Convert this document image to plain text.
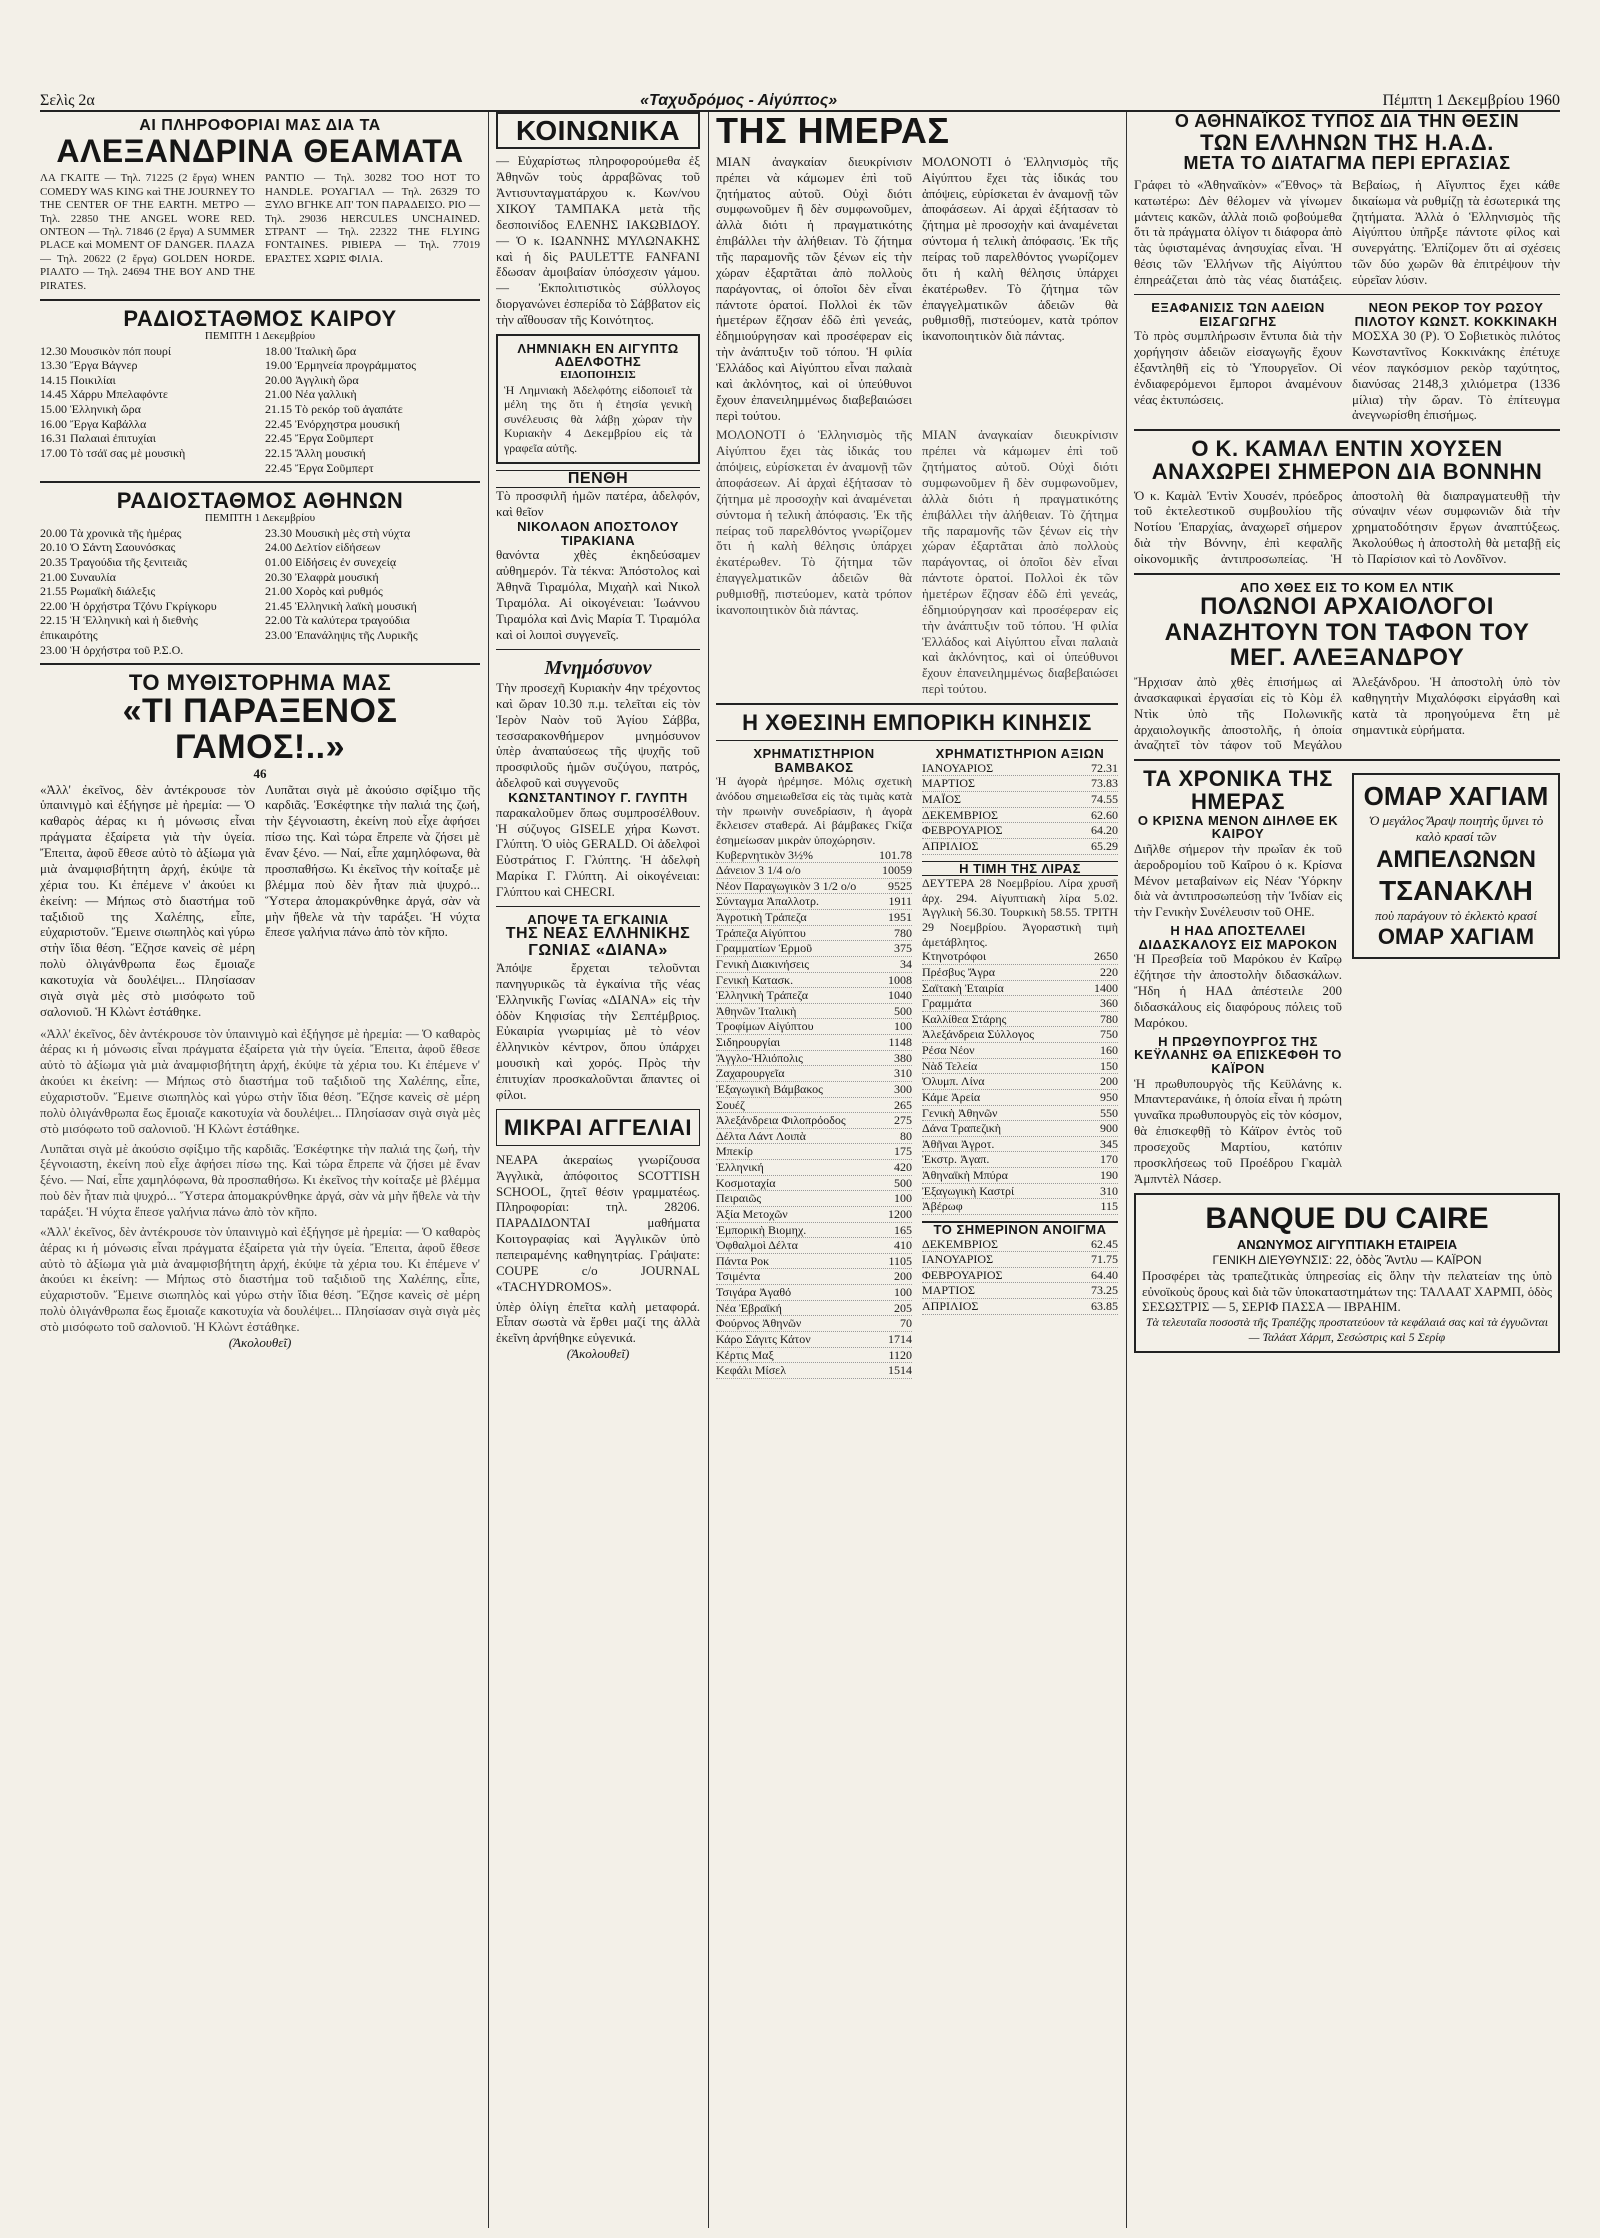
Σελὶς 2α	«Ταχυδρόμος - Αἰγύπτος»	Πέμπτη 1 Δεκεμβρίου 1960
ΑΙ ΠΛΗΡΟΦΟΡΙΑΙ ΜΑΣ ΔΙΑ ΤΑ
ΑΛΕΞΑΝΔΡΙΝΑ ΘΕΑΜΑΤΑ
ΛΑ ΓΚΑΙΤΕ — Τηλ. 71225 (2 ἔργα) WHEN COMEDY WAS KING καὶ THE JOURNEY TO THE CENTER OF THE EARTH. ΜΕΤΡΟ — Τηλ. 22850 THE ANGEL WORE RED. ΟΝΤΕΟΝ — Τηλ. 71846 (2 ἔργα) A SUMMER PLACE καὶ MOMENT OF DANGER. ΠΛΑΖΑ — Τηλ. 20622 (2 ἔργα) GOLDEN HORDE. ΡΙΑΛΤΟ — Τηλ. 24694 THE BOY AND THE PIRATES.
ΡΑΝΤΙΟ — Τηλ. 30282 TOO HOT TO HANDLE. ΡΟΥΑΓΙΑΛ — Τηλ. 26329 ΤΟ ΞΥΛΟ ΒΓΗΚΕ ΑΠ' ΤΟΝ ΠΑΡΑΔΕΙΣΟ. ΡΙΟ — Τηλ. 29036 HERCULES UNCHAINED. ΣΤΡΑΝΤ — Τηλ. 22322 THE FLYING FONTAINES. ΡΙΒΙΕΡΑ — Τηλ. 77019 ΕΡΑΣΤΕΣ ΧΩΡΙΣ ΦΙΛΙΑ.
ΡΑΔΙΟΣΤΑΘΜΟΣ ΚΑΙΡΟΥ
ΠΕΜΠΤΗ 1 Δεκεμβρίου
12.30 Μουσικὸν πόπ πουρί
13.30 Ἔργα Βάγνερ
14.15 Ποικιλίαι
14.45 Χάρρυ Μπελαφόντε
15.00 Ἑλληνικὴ ὥρα
16.00 Ἔργα Καβάλλα
16.31 Παλαιαὶ ἐπιτυχίαι
17.00 Τὸ τσάϊ σας μὲ μουσικὴ
18.00 Ἰταλικὴ ὥρα
19.00 Ἑρμηνεία προγράμματος
20.00 Ἀγγλικὴ ὥρα
21.00 Νέα γαλλικὴ
21.15 Τὸ ρεκόρ τοῦ ἀγαπάτε
22.45 Ἐνόρχηστρα μουσική
22.45 Ἔργα Σοῦμπερτ
22.15 Ἄλλη μουσική
22.45 Ἔργα Σοῦμπερτ
ΡΑΔΙΟΣΤΑΘΜΟΣ ΑΘΗΝΩΝ
ΠΕΜΠΤΗ 1 Δεκεμβρίου
20.00 Τὰ χρονικὰ τῆς ἡμέρας
20.10 Ὁ Σάντη Σαουνόσκας
20.35 Τραγούδια τῆς ξενιτειᾶς
21.00 Συναυλία
21.55 Ρωμαϊκὴ διάλεξις
22.00 Ἡ ὀρχήστρα Τζόνυ Γκρίγκορυ
22.15 Ἡ Ἑλληνικὴ καὶ ἡ διεθνὴς ἐπικαιρότης
23.00 Ἡ ὀρχήστρα τοῦ Ρ.Σ.Ο.
23.30 Μουσικὴ μὲς στὴ νύχτα
24.00 Δελτίον εἰδήσεων
01.00 Εἰδήσεις ἐν συνεχείᾳ
20.30 Ἐλαφρὰ μουσική
21.00 Χορὸς καὶ ρυθμός
21.45 Ἑλληνικὴ λαϊκὴ μουσική
22.00 Τὰ καλύτερα τραγούδια
23.00 Ἐπανάληψις τῆς Λυρικῆς
ΤΟ ΜΥΘΙΣΤΟΡΗΜΑ ΜΑΣ
«ΤΙ ΠΑΡΑΞΕΝΟΣ ΓΑΜΟΣ!..»
46
«Ἀλλ' ἐκεῖνος, δὲν ἀντέκρουσε τὸν ὑπαινιγμὸ καὶ ἐξήγησε μὲ ἠρεμία: — Ὁ καθαρὸς ἀέρας κι ἡ μόνωσις εἶναι πράγματα ἐξαίρετα γιὰ τὴν ὑγεία. Ἔπειτα, ἀφοῦ ἔθεσε αὐτὸ τὸ ἀξίωμα γιὰ μιὰ ἀναμφισβήτητη ἀρχή, ἐκύψε τὰ χέρια του. Κι ἐπέμενε ν' ἀκούει κι ἐκείνη: — Μήπως στὸ διαστήμα τοῦ ταξιδιοῦ της Χαλέπης, εἶπε, εὐχαριστοῦν. Ἔμεινε σιωπηλὸς καὶ γύρω στὴν ἴδια θέση. Ἔζησε κανεὶς σὲ μέρη πολὺ ὀλιγάνθρωπα ἔως ἔμοιαζε κακοτυχία νὰ δουλέψει... Πλησίασαν σιγὰ σιγὰ μὲς στὸ μισόφωτο τοῦ σαλονιοῦ. Ἡ Κλὼντ ἐστάθηκε.
Λυπᾶται σιγὰ μὲ ἀκούσιο σφίξιμο τῆς καρδιᾶς. Ἐσκέφτηκε τὴν παλιά της ζωή, τὴν ξέγνοιαστη, ἐκείνη ποὺ εἶχε ἀφήσει πίσω της. Καὶ τώρα ἔπρεπε νὰ ζήσει μὲ ἕναν ξένο. — Ναί, εἶπε χαμηλόφωνα, θὰ προσπαθήσω. Κι ἐκεῖνος τὴν κοίταξε μὲ βλέμμα ποὺ δὲν ἦταν πιὰ ψυχρό... Ὕστερα ἀπομακρύνθηκε ἀργά, σὰν νὰ μὴν ἤθελε νὰ τὴν ταράξει. Ἡ νύχτα ἔπεσε γαλήνια πάνω ἀπὸ τὸν κῆπο.
«Ἀλλ' ἐκεῖνος, δὲν ἀντέκρουσε τὸν ὑπαινιγμὸ καὶ ἐξήγησε μὲ ἠρεμία: — Ὁ καθαρὸς ἀέρας κι ἡ μόνωσις εἶναι πράγματα ἐξαίρετα γιὰ τὴν ὑγεία. Ἔπειτα, ἀφοῦ ἔθεσε αὐτὸ τὸ ἀξίωμα γιὰ μιὰ ἀναμφισβήτητη ἀρχή, ἐκύψε τὰ χέρια του. Κι ἐπέμενε ν' ἀκούει κι ἐκείνη: — Μήπως στὸ διαστήμα τοῦ ταξιδιοῦ της Χαλέπης, εἶπε, εὐχαριστοῦν. Ἔμεινε σιωπηλὸς καὶ γύρω στὴν ἴδια θέση. Ἔζησε κανεὶς σὲ μέρη πολὺ ὀλιγάνθρωπα ἔως ἔμοιαζε κακοτυχία νὰ δουλέψει... Πλησίασαν σιγὰ σιγὰ μὲς στὸ μισόφωτο τοῦ σαλονιοῦ. Ἡ Κλὼντ ἐστάθηκε.
Λυπᾶται σιγὰ μὲ ἀκούσιο σφίξιμο τῆς καρδιᾶς. Ἐσκέφτηκε τὴν παλιά της ζωή, τὴν ξέγνοιαστη, ἐκείνη ποὺ εἶχε ἀφήσει πίσω της. Καὶ τώρα ἔπρεπε νὰ ζήσει μὲ ἕναν ξένο. — Ναί, εἶπε χαμηλόφωνα, θὰ προσπαθήσω. Κι ἐκεῖνος τὴν κοίταξε μὲ βλέμμα ποὺ δὲν ἦταν πιὰ ψυχρό... Ὕστερα ἀπομακρύνθηκε ἀργά, σὰν νὰ μὴν ἤθελε νὰ τὴν ταράξει. Ἡ νύχτα ἔπεσε γαλήνια πάνω ἀπὸ τὸν κῆπο.
«Ἀλλ' ἐκεῖνος, δὲν ἀντέκρουσε τὸν ὑπαινιγμὸ καὶ ἐξήγησε μὲ ἠρεμία: — Ὁ καθαρὸς ἀέρας κι ἡ μόνωσις εἶναι πράγματα ἐξαίρετα γιὰ τὴν ὑγεία. Ἔπειτα, ἀφοῦ ἔθεσε αὐτὸ τὸ ἀξίωμα γιὰ μιὰ ἀναμφισβήτητη ἀρχή, ἐκύψε τὰ χέρια του. Κι ἐπέμενε ν' ἀκούει κι ἐκείνη: — Μήπως στὸ διαστήμα τοῦ ταξιδιοῦ της Χαλέπης, εἶπε, εὐχαριστοῦν. Ἔμεινε σιωπηλὸς καὶ γύρω στὴν ἴδια θέση. Ἔζησε κανεὶς σὲ μέρη πολὺ ὀλιγάνθρωπα ἔως ἔμοιαζε κακοτυχία νὰ δουλέψει... Πλησίασαν σιγὰ σιγὰ μὲς στὸ μισόφωτο τοῦ σαλονιοῦ. Ἡ Κλὼντ ἐστάθηκε.
(Ἀκολουθεῖ)
ΚΟΙΝΩΝΙΚΑ
— Εὐχαρίστως πληροφορούμεθα ἐξ Ἀθηνῶν τοὺς ἀρραβῶνας τοῦ Ἀντισυνταγματάρχου κ. Κων/νου ΧΙΚΟΥ ΤΑΜΠΑΚΑ μετὰ τῆς δεσποινίδος ΕΛΕΝΗΣ ΙΑΚΩΒΙΔΟΥ. — Ὁ κ. ΙΩΑΝΝΗΣ ΜΥΛΩΝΑΚΗΣ καὶ ἡ δὶς PAULETTE FANFANI ἔδωσαν ἀμοιβαίαν ὑπόσχεσιν γάμου. — Ἐκπολιτιστικὸς σύλλογος διοργανώνει ἐσπερίδα τὸ Σάββατον εἰς τὴν αἴθουσαν τῆς Κοινότητος.
ΛΗΜΝΙΑΚΗ ΕΝ ΑΙΓΥΠΤΩ ΑΔΕΛΦΟΤΗΣ
ΕΙΔΟΠΟΙΗΣΙΣ
Ἡ Λημνιακὴ Ἀδελφότης εἰδοποιεῖ τὰ μέλη της ὅτι ἡ ἐτησία γενικὴ συνέλευσις θὰ λάβῃ χώραν τὴν Κυριακὴν 4 Δεκεμβρίου εἰς τὰ γραφεῖα αὐτῆς.
ΠΕΝΘΗ
Τὸ προσφιλῆ ἡμῶν πατέρα, ἀδελφόν, καὶ θεῖον
ΝΙΚΟΛΑΟΝ ΑΠΟΣΤΟΛΟΥ ΤΙΡΑΚΙΑΝΑ
θανόντα χθὲς ἐκηδεύσαμεν αὐθημερόν. Τὰ τέκνα: Ἀπόστολος καὶ Ἀθηνᾶ Τιραμόλα, Μιχαὴλ καὶ Νικολ Τιραμόλα. Αἱ οἰκογένειαι: Ἰωάννου Τιραμόλα καὶ Δνὶς Μαρία Τ. Τιραμόλα καὶ οἱ λοιποὶ συγγενεῖς.
Μνημόσυνον
Τὴν προσεχῆ Κυριακὴν 4ην τρέχοντος καὶ ὥραν 10.30 π.μ. τελεῖται εἰς τὸν Ἱερὸν Ναὸν τοῦ Ἁγίου Σάββα, τεσσαρακονθήμερον μνημόσυνον ὑπὲρ ἀναπαύσεως τῆς ψυχῆς τοῦ προσφιλοῦς ἡμῶν συζύγου, πατρός, ἀδελφοῦ καὶ συγγενοῦς
ΚΩΝΣΤΑΝΤΙΝΟΥ Γ. ΓΛΥΠΤΗ
παρακαλοῦμεν ὅπως συμπροσέλθουν. Ἡ σύζυγος GISELE χήρα Κωνστ. Γλύπτη. Ὁ υἱὸς GERALD. Οἱ ἀδελφοὶ Εὐστράτιος Γ. Γλύπτης. Ἡ ἀδελφὴ Μαρίκα Γ. Γλύπτη. Αἱ οἰκογένειαι: Γλύπτου καὶ CHECRI.
ΑΠΟΨΕ ΤΑ ΕΓΚΑΙΝΙΑ
ΤΗΣ ΝΕΑΣ ΕΛΛΗΝΙΚΗΣ ΓΩΝΙΑΣ «ΔΙΑΝΑ»
Ἀπόψε ἔρχεται τελοῦνται πανηγυρικῶς τὰ ἐγκαίνια τῆς νέας Ἑλληνικῆς Γωνίας «ΔΙΑΝΑ» εἰς τὴν ὁδὸν Κηφισίας τὴν Σεπτέμβριος. Εὐκαιρία γνωριμίας μὲ τὸ νέον ἑλληνικὸν κέντρον, ὅπου ὑπάρχει μουσικὴ καὶ χορός. Πρὸς τὴν ἐπιτυχίαν προσκαλοῦνται ἅπαντες οἱ φίλοι.
ΜΙΚΡΑΙ ΑΓΓΕΛΙΑΙ
ΝΕΑΡΑ ἀκεραίως γνωρίζουσα Ἀγγλικὰ, ἀπόφοιτος SCOTTISH SCHOOL, ζητεῖ θέσιν γραμματέως. Πληροφορίαι: τηλ. 28206. ΠΑΡΑΔΙΔΟΝΤΑΙ μαθήματα Κοιτογραφίας καὶ Ἀγγλικῶν ὑπὸ πεπειραμένης καθηγητρίας. Γράψατε: COUPE c/o JOURNAL «TACHYDROMOS».
ὑπὲρ ὀλίγη ἐπεῖτα καλὴ μεταφορά. Εἶπαν σωστὰ νὰ ἔρθει μαζί της ἀλλὰ ἐκεῖνη ἀρνήθηκε εὐγενικά.
(Ἀκολουθεῖ)
ΤΗΣ ΗΜΕΡΑΣ
ΜΙΑΝ ἀναγκαίαν διευκρίνισιν πρέπει νὰ κάμωμεν ἐπὶ τοῦ ζητήματος αὐτοῦ. Οὐχὶ διότι συμφωνοῦμεν ἢ δὲν συμφωνοῦμεν, ἀλλὰ διότι ἡ πραγματικότης ἐπιβάλλει τὴν ἀλήθειαν. Τὸ ζήτημα τῆς παραμονῆς τῶν ξένων εἰς τὴν χώραν ἐξαρτᾶται ἀπὸ πολλοὺς παράγοντας, οἱ ὁποῖοι δὲν εἶναι πάντοτε ὁρατοί. Πολλοὶ ἐκ τῶν ἡμετέρων ἔζησαν ἐδῶ ἐπὶ γενεάς, ἐδημιούργησαν καὶ προσέφεραν εἰς τὴν ἀνάπτυξιν τοῦ τόπου. Ἡ φιλία Ἑλλάδος καὶ Αἰγύπτου εἶναι παλαιὰ καὶ ἀκλόνητος, καὶ οἱ ὑπεύθυνοι ἔχουν ἐπανειλημμένως διαβεβαιώσει περὶ τούτου.
ΜΟΛΟΝΟΤΙ ὁ Ἑλληνισμὸς τῆς Αἰγύπτου ἔχει τὰς ἰδικάς του ἀπόψεις, εὑρίσκεται ἐν ἀναμονῇ τῶν ἀποφάσεων. Αἱ ἀρχαὶ ἐξήτασαν τὸ ζήτημα μὲ προσοχὴν καὶ ἀναμένεται σύντομα ἡ τελικὴ ἀπόφασις. Ἐκ τῆς πείρας τοῦ παρελθόντος γνωρίζομεν ὅτι ἡ καλὴ θέλησις ὑπάρχει ἐκατέρωθεν. Τὸ ζήτημα τῶν ἐπαγγελματικῶν ἀδειῶν θὰ ρυθμισθῇ, πιστεύομεν, κατὰ τρόπον ἱκανοποιητικὸν διὰ πάντας.
ΜΟΛΟΝΟΤΙ ὁ Ἑλληνισμὸς τῆς Αἰγύπτου ἔχει τὰς ἰδικάς του ἀπόψεις, εὑρίσκεται ἐν ἀναμονῇ τῶν ἀποφάσεων. Αἱ ἀρχαὶ ἐξήτασαν τὸ ζήτημα μὲ προσοχὴν καὶ ἀναμένεται σύντομα ἡ τελικὴ ἀπόφασις. Ἐκ τῆς πείρας τοῦ παρελθόντος γνωρίζομεν ὅτι ἡ καλὴ θέλησις ὑπάρχει ἐκατέρωθεν. Τὸ ζήτημα τῶν ἐπαγγελματικῶν ἀδειῶν θὰ ρυθμισθῇ, πιστεύομεν, κατὰ τρόπον ἱκανοποιητικὸν διὰ πάντας.
ΜΙΑΝ ἀναγκαίαν διευκρίνισιν πρέπει νὰ κάμωμεν ἐπὶ τοῦ ζητήματος αὐτοῦ. Οὐχὶ διότι συμφωνοῦμεν ἢ δὲν συμφωνοῦμεν, ἀλλὰ διότι ἡ πραγματικότης ἐπιβάλλει τὴν ἀλήθειαν. Τὸ ζήτημα τῆς παραμονῆς τῶν ξένων εἰς τὴν χώραν ἐξαρτᾶται ἀπὸ πολλοὺς παράγοντας, οἱ ὁποῖοι δὲν εἶναι πάντοτε ὁρατοί. Πολλοὶ ἐκ τῶν ἡμετέρων ἔζησαν ἐδῶ ἐπὶ γενεάς, ἐδημιούργησαν καὶ προσέφεραν εἰς τὴν ἀνάπτυξιν τοῦ τόπου. Ἡ φιλία Ἑλλάδος καὶ Αἰγύπτου εἶναι παλαιὰ καὶ ἀκλόνητος, καὶ οἱ ὑπεύθυνοι ἔχουν ἐπανειλημμένως διαβεβαιώσει περὶ τούτου.
Η ΧΘΕΣΙΝΗ ΕΜΠΟΡΙΚΗ ΚΙΝΗΣΙΣ
ΧΡΗΜΑΤΙΣΤΗΡΙΟΝ ΒΑΜΒΑΚΟΣ
Ἡ ἀγορὰ ἠρέμησε. Μόλις σχετικὴ ἀνόδου σημειωθεῖσα εἰς τὰς τιμὰς κατὰ τὴν πρωινὴν συνεδρίασιν, ἡ ἀγορὰ ἔκλεισεν σταθερά. Αἱ βάμβακες Γκίζα ἐσημείωσαν μικρὰν ὑποχώρησιν.
Κυβερνητικὸν 3½%	101.78
Δάνειον 3 1/4 ο/ο	10059
Νέον Παραγωγικὸν 3 1/2 ο/ο	9525
Σύνταγμα Ἀπαλλοτρ.	1911
Ἀγροτικὴ Τράπεζα	1951
Τράπεζα Αἰγύπτου	780
Γραμματίων Ἑρμοῦ	375
Γενικὴ Διακινήσεις	34
Γενικὴ Κατασκ.	1008
Ἑλληνικὴ Τράπεζα	1040
Ἀθηνῶν Ἰταλικὴ	500
Τροφίμων Αἰγύπτου	100
Σιδηρουργίαι	1148
Ἄγγλο-Ἡλιόπολις	380
Ζαχαρουργεῖα	310
Ἐξαγωγικὴ Βάμβακος	300
Σουέζ	265
Ἀλεξάνδρεια Φιλοπρόοδος	275
Δέλτα Λάντ Λοιπὰ	80
Μπεκίρ	175
Ἑλληνική	420
Κοσμοταχία	500
Πειραιῶς	100
Ἀξία Μετοχῶν	1200
Ἑμπορικὴ Βιομηχ.	165
Ὀφθαλμοὶ Δέλτα	410
Πάντα Ροκ	1105
Τσιμέντα	200
Τσιγάρα Ἀγαθό	100
Νέα Ἐβραϊκή	205
Φούρνος Ἀθηνῶν	70
Κάρο Σάγιτς Κάτον	1714
Κέρτις Μαξ	1120
Κεφάλι Μίσελ	1514
ΧΡΗΜΑΤΙΣΤΗΡΙΟΝ ΑΞΙΩΝ
ΙΑΝΟΥΑΡΙΟΣ	72.31
ΜΑΡΤΙΟΣ	73.83
ΜΑΪΟΣ	74.55
ΔΕΚΕΜΒΡΙΟΣ	62.60
ΦΕΒΡΟΥΑΡΙΟΣ	64.20
ΑΠΡΙΛΙΟΣ	65.29
Η ΤΙΜΗ ΤΗΣ ΛΙΡΑΣ
ΔΕΥΤΕΡΑ 28 Νοεμβρίου. Λίρα χρυσῆ ἀρχ. 294. Αἰγυπτιακὴ λίρα 5.02. Ἀγγλικὴ 56.30. Τουρκικὴ 58.55. ΤΡΙΤΗ 29 Νοεμβρίου. Ἀγοραστικὴ τιμὴ ἀμετάβλητος.
Κτηνοτρόφοι	2650
Πρέσβυς Ἄγρα	220
Σαϊτακὴ Ἐταιρία	1400
Γραμμάτα	360
Καλλίθεα Στάρης	780
Ἀλεξάνδρεια Σύλλογος	750
Ρέσα Νέον	160
Νὰδ Τελεία	150
Ὀλυμπ. Λίνα	200
Κάμε Ἀρεία	950
Γενικὴ Ἀθηνῶν	550
Δάνα Τραπεζικὴ	900
Ἀθῆναι Ἀγροτ.	345
Ἐκστρ. Ἀγαπ.	170
Ἀθηναϊκὴ Μπύρα	190
Ἐξαγωγικὴ Καστρί	310
Ἀβέρωφ	115
ΤΟ ΣΗΜΕΡΙΝΟΝ ΑΝΟΙΓΜΑ
ΔΕΚΕΜΒΡΙΟΣ	62.45
ΙΑΝΟΥΑΡΙΟΣ	71.75
ΦΕΒΡΟΥΑΡΙΟΣ	64.40
ΜΑΡΤΙΟΣ	73.25
ΑΠΡΙΛΙΟΣ	63.85
Ο ΑΘΗΝΑΪΚΟΣ ΤΥΠΟΣ ΔΙΑ ΤΗΝ ΘΕΣΙΝ
ΤΩΝ ΕΛΛΗΝΩΝ ΤΗΣ Η.Α.Δ.
ΜΕΤΑ ΤΟ ΔΙΑΤΑΓΜΑ ΠΕΡΙ ΕΡΓΑΣΙΑΣ
Γράφει τὸ «Ἀθηναϊκὸν» «Ἔθνος» τὰ κατωτέρω: Δὲν θέλομεν νὰ γίνωμεν μάντεις κακῶν, ἀλλὰ ποιῶ φοβούμεθα ὅτι τὰ πράγματα ὀλίγον τι διάφορα ἀπὸ τὰς ὑφισταμένας ἀνησυχίας εἶναι. Ἡ θέσις τῶν Ἑλλήνων τῆς Αἰγύπτου ἐπηρεάζεται ἀπὸ τὰς νέας διατάξεις. Βεβαίως, ἡ Αἴγυπτος ἔχει κάθε δικαίωμα νὰ ρυθμίζῃ τὰ ἐσωτερικά της ζητήματα. Ἀλλὰ ὁ Ἑλληνισμὸς τῆς Αἰγύπτου ὑπῆρξε πάντοτε φίλος καὶ συνεργάτης. Ἐλπίζομεν ὅτι αἱ σχέσεις τῶν δύο χωρῶν θὰ ἐπιτρέψουν τὴν εὑρεῖαν λύσιν.
ΕΞΑΦΑΝΙΣΙΣ ΤΩΝ ΑΔΕΙΩΝ ΕΙΣΑΓΩΓΗΣ
Τὸ πρὸς συμπλήρωσιν ἔντυπα διὰ τὴν χορήγησιν ἀδειῶν εἰσαγωγῆς ἔχουν ἐξαντληθῆ εἰς τὸ Ὑπουργεῖον. Οἱ ἐνδιαφερόμενοι ἔμποροι ἀναμένουν νέας ἐκτυπώσεις.
ΝΕΟΝ ΡΕΚΟΡ ΤΟΥ ΡΩΣΟΥ ΠΙΛΟΤΟΥ ΚΩΝΣΤ. ΚΟΚΚΙΝΑΚΗ
ΜΟΣΧΑ 30 (Ρ). Ὁ Σοβιετικὸς πιλότος Κωνσταντῖνος Κοκκινάκης ἐπέτυχε νέον παγκόσμιον ρεκὸρ ταχύτητος, διανύσας 2148,3 χιλιόμετρα (1336 μίλια) τὴν ὥραν. Τὸ ἐπίτευγμα ἀνεγνωρίσθη ἐπισήμως.
Ο Κ. ΚΑΜΑΛ ΕΝΤΙΝ ΧΟΥΣΕΝ ΑΝΑΧΩΡΕΙ ΣΗΜΕΡΟΝ ΔΙΑ ΒΟΝΝΗΝ
Ὁ κ. Καμὰλ Ἐντὶν Χουσέν, πρόεδρος τοῦ ἐκτελεστικοῦ συμβουλίου τῆς Νοτίου Ἐπαρχίας, ἀναχωρεῖ σήμερον διὰ τὴν Βόννην, ἐπὶ κεφαλῆς οἰκονομικῆς ἀντιπροσωπείας. Ἡ ἀποστολὴ θὰ διαπραγματευθῇ τὴν σύναψιν νέων συμφωνιῶν διὰ τὴν χρηματοδότησιν ἔργων ἀναπτύξεως. Ἀκολούθως ἡ ἀποστολὴ θὰ μεταβῇ εἰς τὸ Παρίσιον καὶ τὸ Λονδῖνον.
ΑΠΟ ΧΘΕΣ ΕΙΣ ΤΟ ΚΟΜ ΕΛ ΝΤΙΚ
ΠΟΛΩΝΟΙ ΑΡΧΑΙΟΛΟΓΟΙ ΑΝΑΖΗΤΟΥΝ ΤΟΝ ΤΑΦΟΝ ΤΟΥ ΜΕΓ. ΑΛΕΞΑΝΔΡΟΥ
Ἤρχισαν ἀπὸ χθὲς ἐπισήμως αἱ ἀνασκαφικαὶ ἐργασίαι εἰς τὸ Κὸμ ἐλ Ντὶκ ὑπὸ τῆς Πολωνικῆς ἀρχαιολογικῆς ἀποστολῆς, ἡ ὁποία ἀναζητεῖ τὸν τάφον τοῦ Μεγάλου Ἀλεξάνδρου. Ἡ ἀποστολὴ ὑπὸ τὸν καθηγητὴν Μιχαλόφσκι εἰργάσθη καὶ κατὰ τὰ προηγούμενα ἔτη μὲ σημαντικὰ εὑρήματα.
ΤΑ ΧΡΟΝΙΚΑ ΤΗΣ ΗΜΕΡΑΣ
Ο ΚΡΙΣΝΑ ΜΕΝΟΝ ΔΙΗΛΘΕ ΕΚ ΚΑΙΡΟΥ
Διῆλθε σήμερον τὴν πρωΐαν ἐκ τοῦ ἀεροδρομίου τοῦ Καΐρου ὁ κ. Κρίσνα Μένον μεταβαίνων εἰς Νέαν Ὑόρκην διὰ νὰ ἀντιπροσωπεύσῃ τὴν Ἰνδίαν εἰς τὴν Γενικὴν Συνέλευσιν τοῦ ΟΗΕ.
Η ΗΑΔ ΑΠΟΣΤΕΛΛΕΙ ΔΙΔΑΣΚΑΛΟΥΣ ΕΙΣ ΜΑΡΟΚΟΝ
Ἡ Πρεσβεία τοῦ Μαρόκου ἐν Καΐρῳ ἐζήτησε τὴν ἀποστολὴν διδασκάλων. Ἤδη ἡ ΗΑΔ ἀπέστειλε 200 διδασκάλους εἰς διαφόρους πόλεις τοῦ Μαρόκου.
Η ΠΡΩΘΥΠΟΥΡΓΟΣ ΤΗΣ ΚΕΫΛΑΝΗΣ ΘΑ ΕΠΙΣΚΕΦΘΗ ΤΟ ΚΑΪΡΟΝ
Ἡ πρωθυπουργὸς τῆς Κεϋλάνης κ. Μπαντερανάικε, ἡ ὁποία εἶναι ἡ πρώτη γυναῖκα πρωθυπουργὸς εἰς τὸν κόσμον, θὰ ἐπισκεφθῇ τὸ Κάϊρον ἐντὸς τοῦ προσεχοῦς Μαρτίου, κατόπιν προσκλήσεως τοῦ Προέδρου Γκαμὰλ Ἀμπντὲλ Νάσερ.
ΟΜΑΡ ΧΑΓΙΑΜ
Ὁ μεγάλος Ἄραψ ποιητὴς ὕμνει τὸ καλὸ κρασί τῶν
ΑΜΠΕΛΩΝΩΝ
ΤΣΑΝΑΚΛΗ
ποὺ παράγουν τὸ ἐκλεκτὸ κρασί
ΟΜΑΡ ΧΑΓΙΑΜ
BANQUE DU CAIRE
ΑΝΩΝΥΜΟΣ ΑΙΓΥΠΤΙΑΚΗ ΕΤΑΙΡΕΙΑ
ΓΕΝΙΚΗ ΔΙΕΥΘΥΝΣΙΣ: 22, ὁδὸς Ἄντλυ — ΚΑΪΡΟΝ
Προσφέρει τὰς τραπεζιτικὰς ὑπηρεσίας εἰς ὅλην τὴν πελατείαν της ὑπὸ εὐνοϊκοὺς ὅρους καὶ διὰ τῶν ὑποκαταστημάτων της: ΤΑΛΑΑΤ ΧΑΡΜΠ, ὁδὸς ΣΕΣΩΣΤΡΙΣ — 5, ΣΕΡΙΦ ΠΑΣΣΑ — ΙΒΡΑΗΙΜ.
Τὰ τελευταῖα ποσοστὰ τῆς Τραπέζης προστατεύουν τὰ κεφάλαιά σας καὶ τὰ ἐγγυῶνται — Ταλάατ Χάρμπ, Σεσώστρις καὶ 5 Σερίφ
